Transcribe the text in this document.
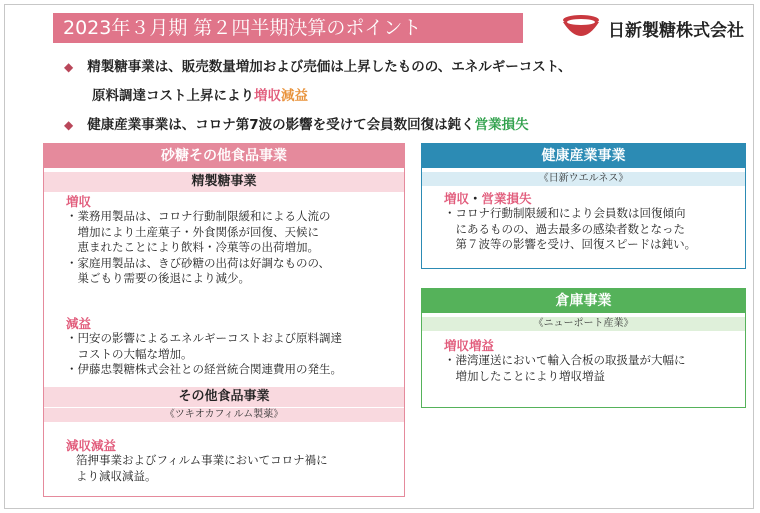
2023年３月期 第２四半期決算のポイント	日新製糖株式会社
◆ 精製糖事業は、販売数量増加および売価は上昇したものの、エネルギーコスト、
原料調達コスト上昇により増収減益
◆ 健康産業事業は、コロナ第7波の影響を受けて会員数回復は鈍く営業損失
砂糖その他食品事業
精製糖事業
増収

・業務用製品は、コロナ行動制限緩和による人流の

　増加により土産菓子・外食関係が回復、天候に

　恵まれたことにより飲料・冷菓等の出荷増加。

・家庭用製品は、きび砂糖の出荷は好調なものの、

　巣ごもり需要の後退により減少。

減益

・円安の影響によるエネルギーコストおよび原料調達

　コストの大幅な増加。

・伊藤忠製糖株式会社との経営統合関連費用の発生。

その他食品事業
《ツキオカフィルム製薬》
減収減益

箔押事業およびフィルム事業においてコロナ禍に

より減収減益。

健康産業事業
《日新ウエルネス》
増収・営業損失

・コロナ行動制限緩和により会員数は回復傾向

　にあるものの、過去最多の感染者数となった

　第７波等の影響を受け、回復スピードは鈍い。

倉庫事業
《ニューポート産業》
増収増益

・港湾運送において輸入合板の取扱量が大幅に

　増加したことにより増収増益
